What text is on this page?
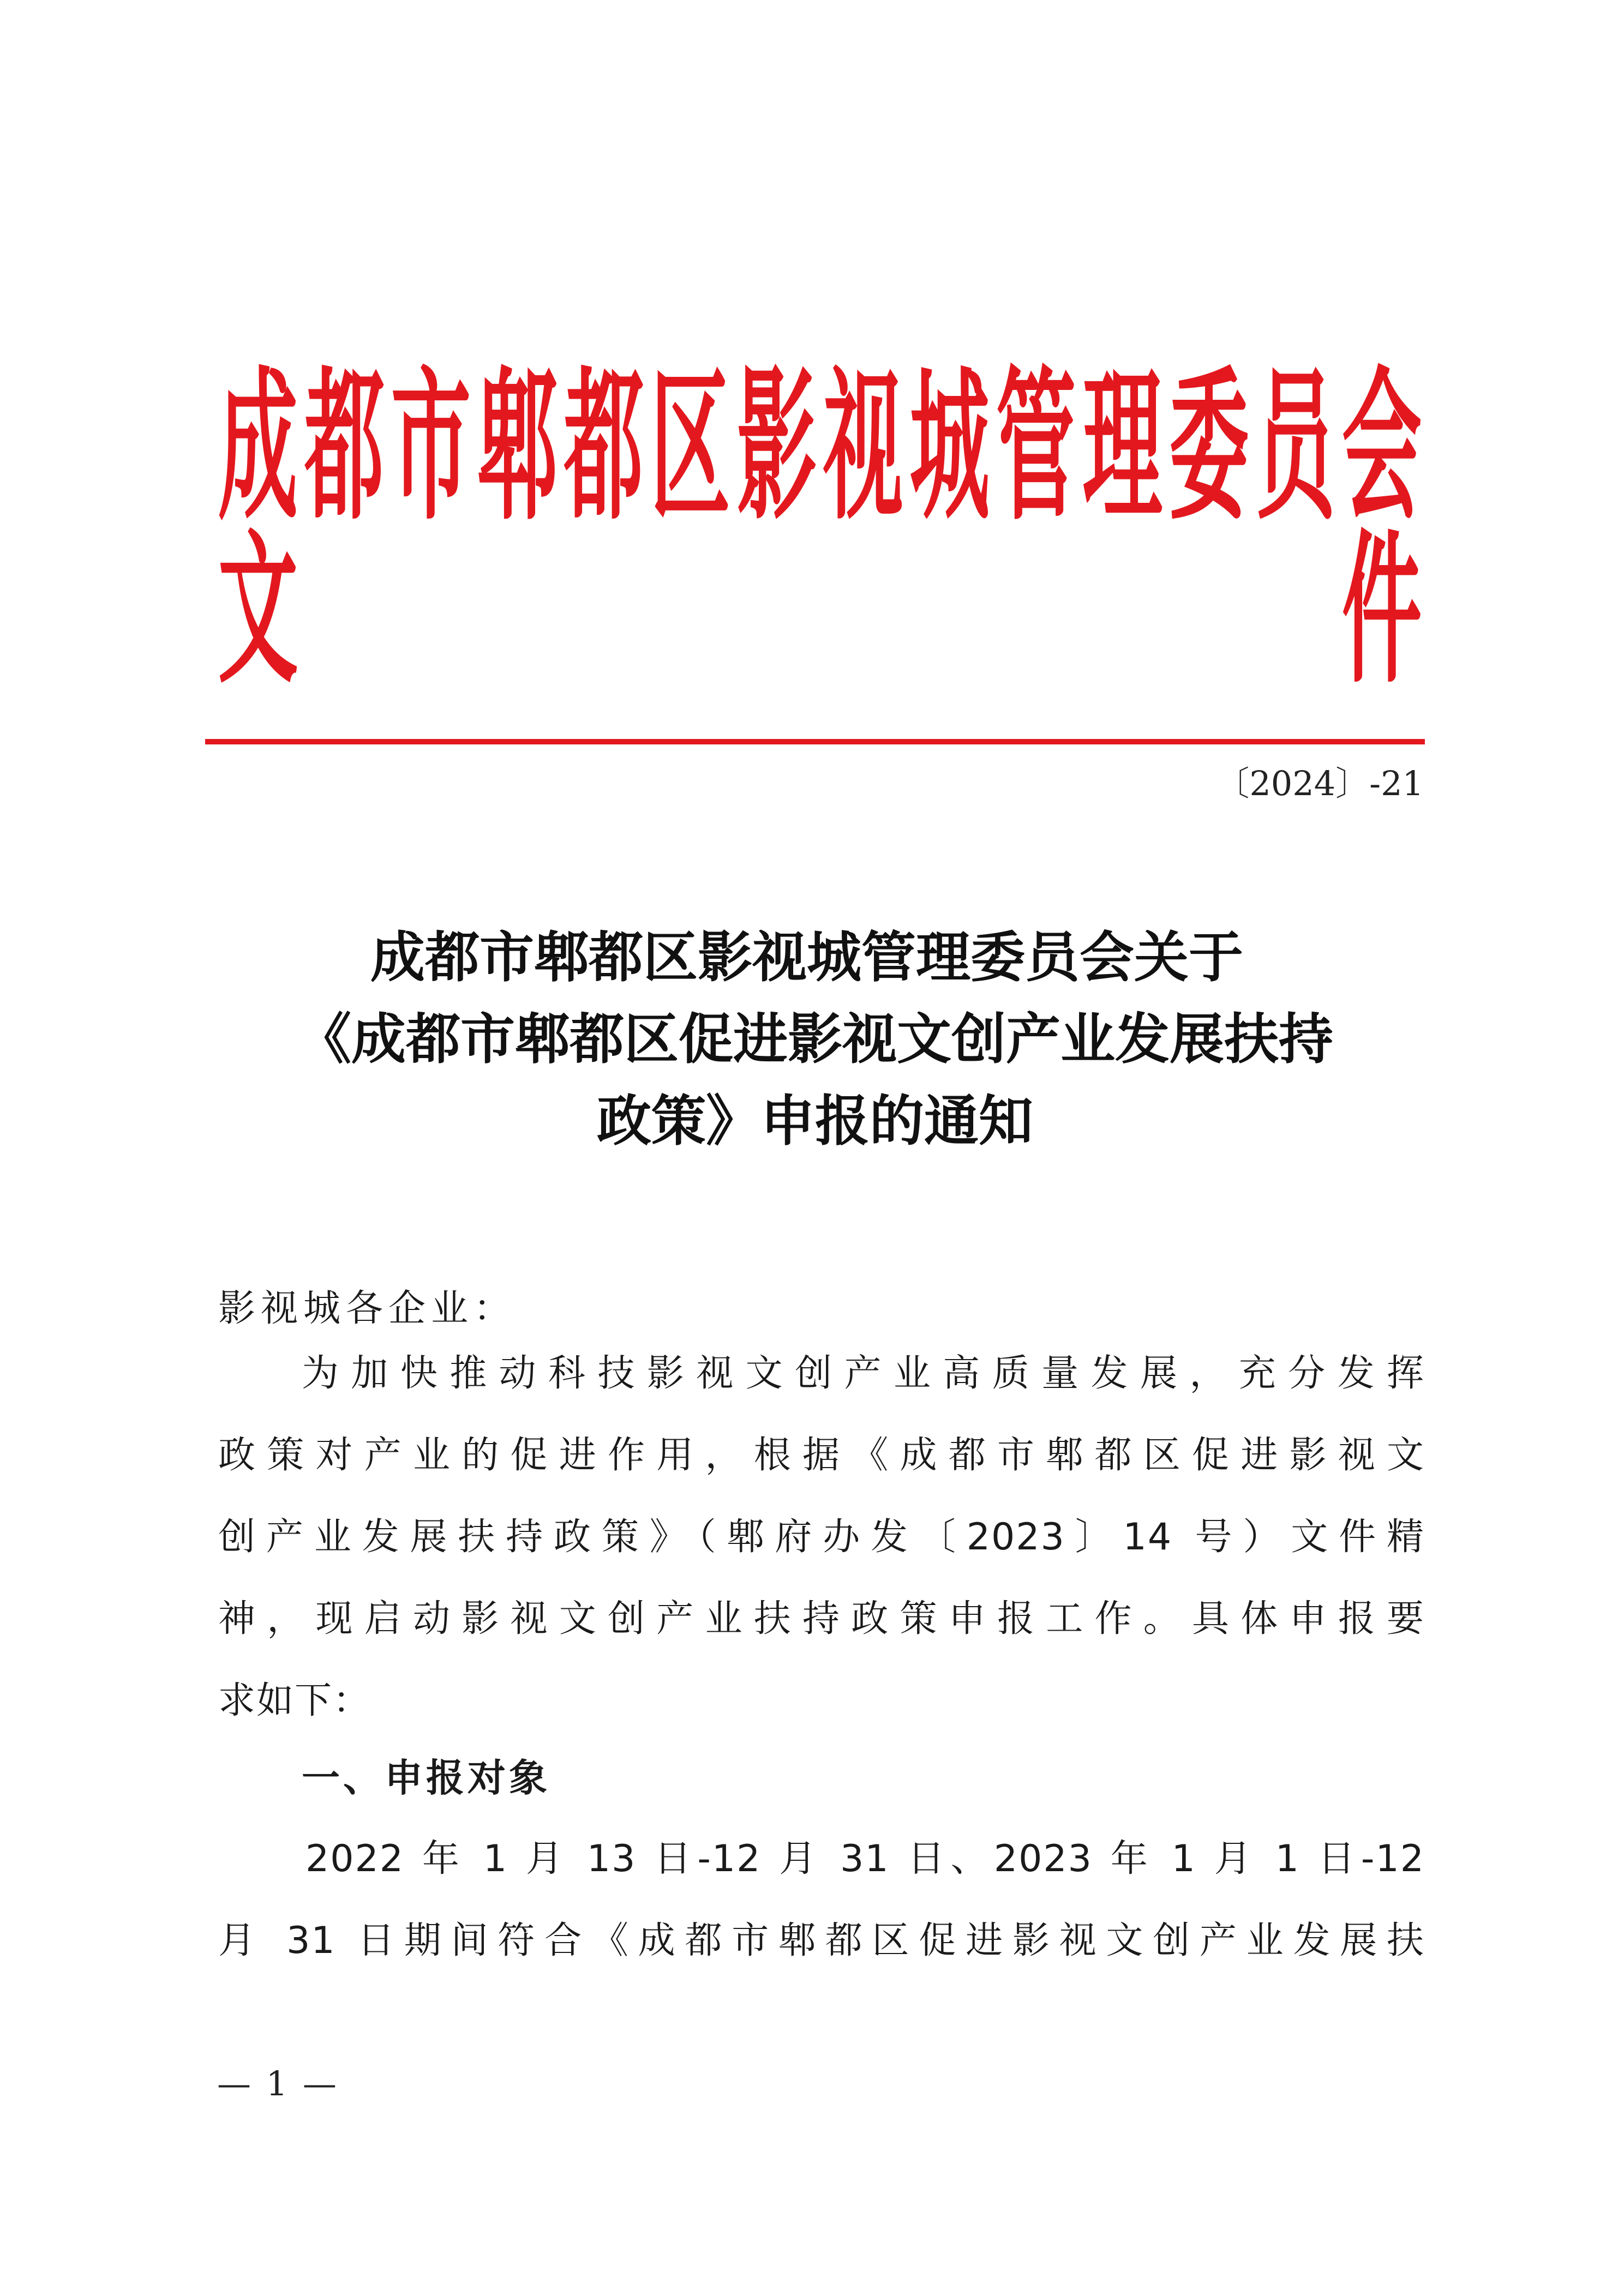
成都市郫都区影视城管理委员会文件
〔2024〕-21
成都市郫都区影视城管理委员会关于
《成都市郫都区促进影视文创产业发展扶持
政策》申报的通知
影视城各企业：
为加快推动科技影视文创产业高质量发展，充分发挥
政策对产业的促进作用，根据《成都市郫都区促进影视文
创产业发展扶持政策》（郫府办发〔2023〕14 号）文件精
神，现启动影视文创产业扶持政策申报工作。具体申报要
求如下：
一、申报对象
2022 年 1 月 13 日-12 月 31 日、2023 年 1 月 1 日-12
月 31 日期间符合《成都市郫都区促进影视文创产业发展扶
— 1 —
